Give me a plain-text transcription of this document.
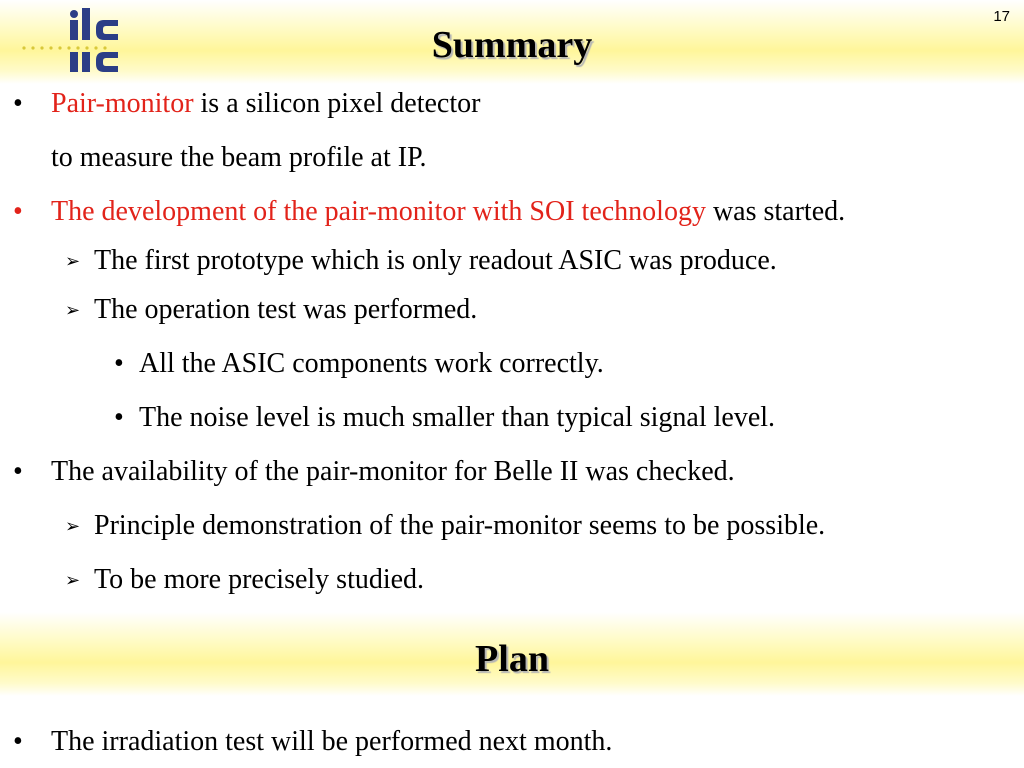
17
Summary
• Pair-monitor is a silicon pixel detector
to measure the beam profile at IP.
• The development of the pair-monitor with SOI technology was started.
➢ The first prototype which is only readout ASIC was produce.
➢ The operation test was performed.
• All the ASIC components work correctly.
• The noise level is much smaller than typical signal level.
• The availability of the pair-monitor for Belle II was checked.
➢ Principle demonstration of the pair-monitor seems to be possible.
➢ To be more precisely studied.
Plan
• The irradiation test will be performed next month.
